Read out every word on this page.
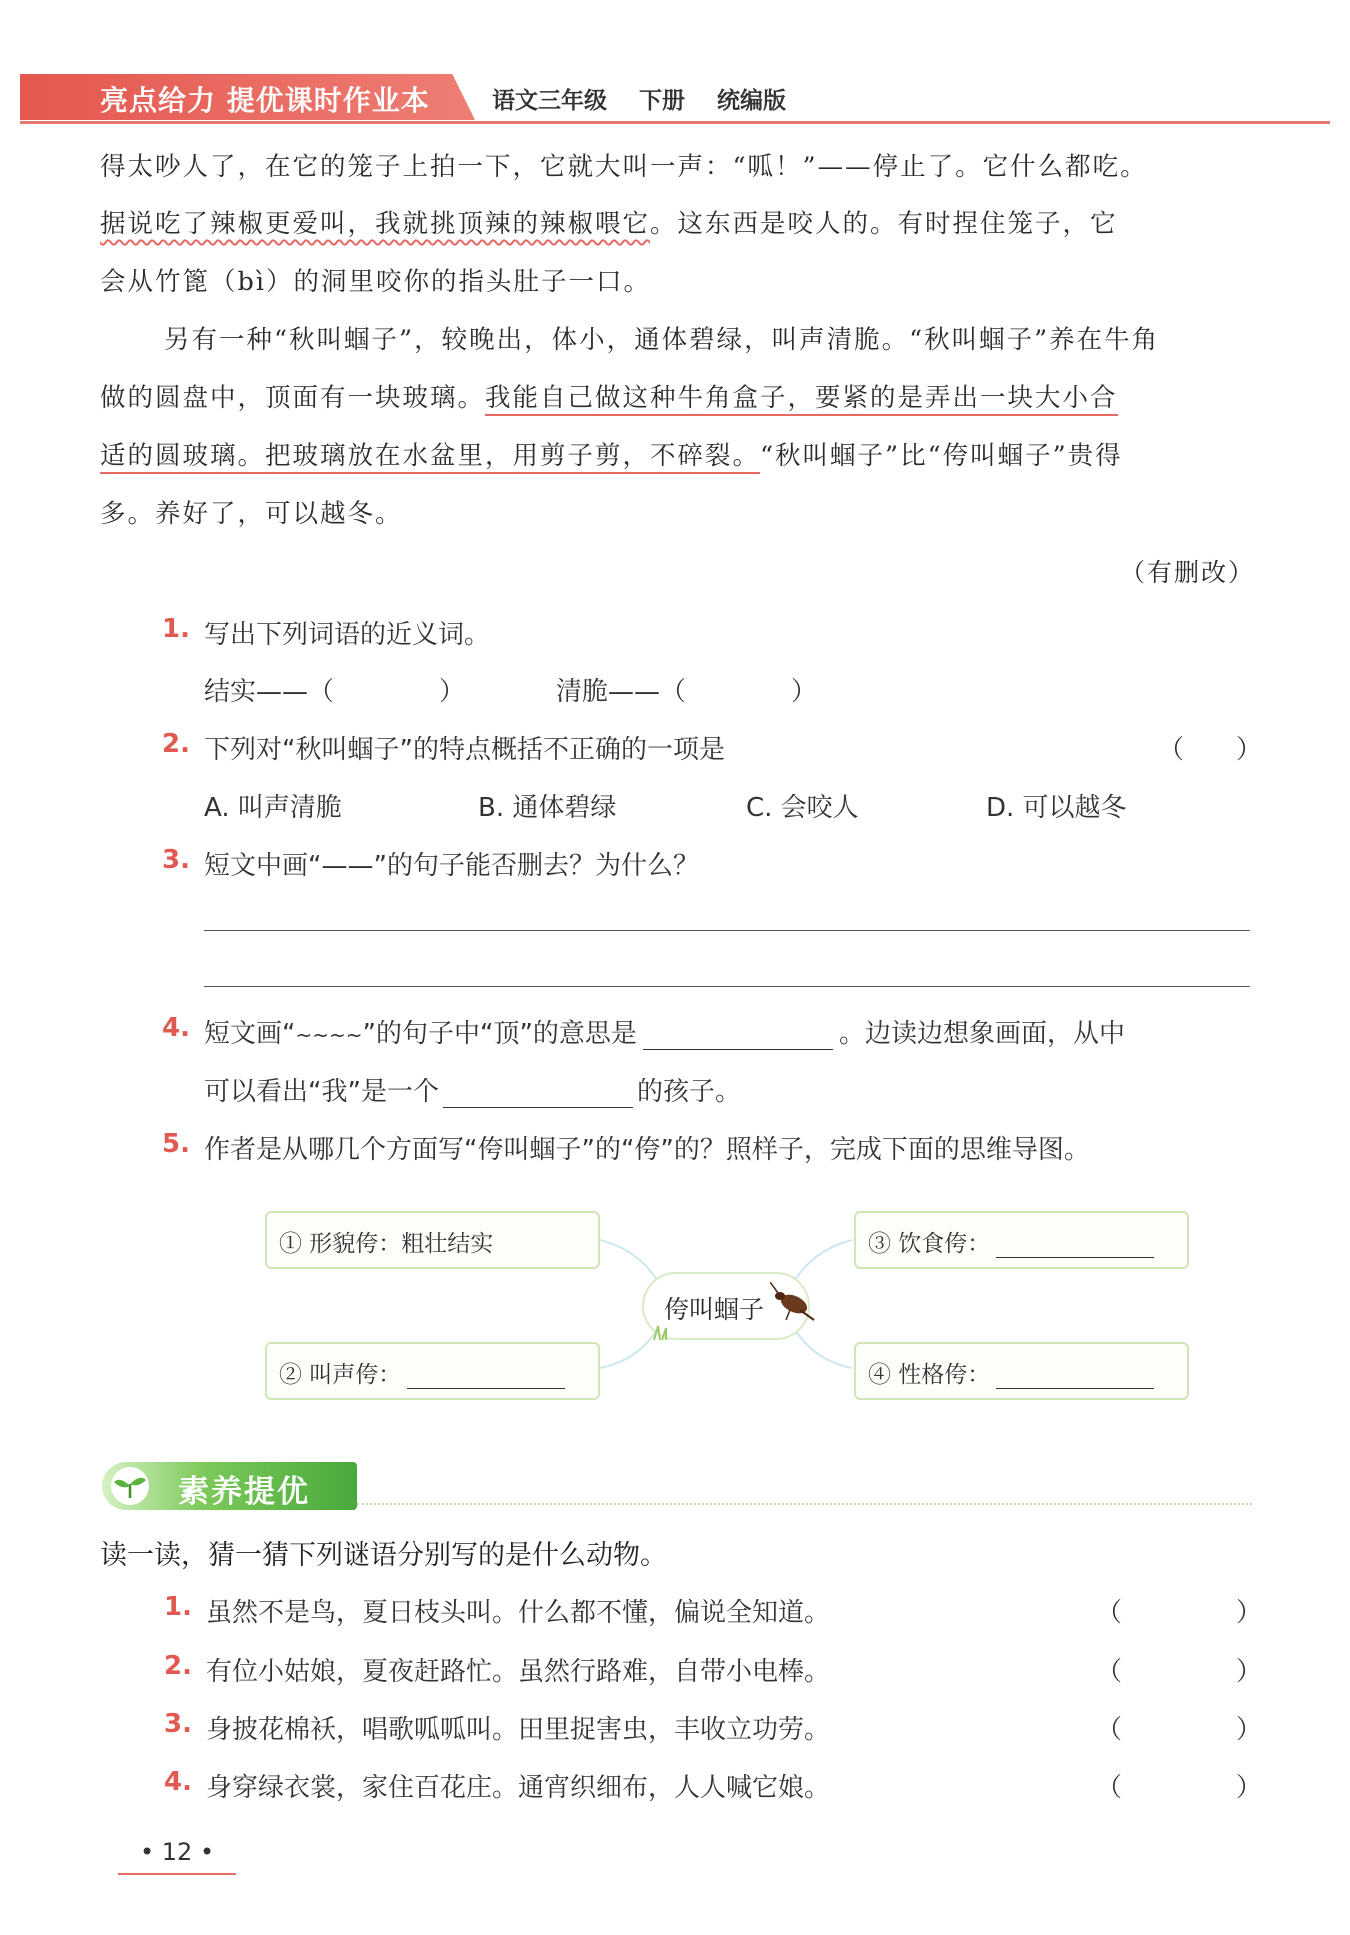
亮点给力 提优课时作业本	语文三年级 下册 统编版
得太吵人了，在它的笼子上拍一下，它就大叫一声：“呱！”——停止了。它什么都吃。
据说吃了辣椒更爱叫，我就挑顶辣的辣椒喂它。这东西是咬人的。有时捏住笼子，它
会从竹篦（bì）的洞里咬你的指头肚子一口。
另有一种“秋叫蝈子”，较晚出，体小，通体碧绿，叫声清脆。“秋叫蝈子”养在牛角
做的圆盘中，顶面有一块玻璃。我能自己做这种牛角盒子，要紧的是弄出一块大小合
适的圆玻璃。把玻璃放在水盆里，用剪子剪，不碎裂。“秋叫蝈子”比“侉叫蝈子”贵得
多。养好了，可以越冬。
（有删改）
1. 写出下列词语的近义词。
结实——（	）	清脆——（	）
2. 下列对“秋叫蝈子”的特点概括不正确的一项是	（ ）
A. 叫声清脆	B. 通体碧绿	C. 会咬人	D. 可以越冬
3. 短文中画“——”的句子能否删去？为什么？
4. 短文画“~~~~”的句子中“顶”的意思是	。边读边想象画面，从中
可以看出“我”是一个	的孩子。
5. 作者是从哪几个方面写“侉叫蝈子”的“侉”的？照样子，完成下面的思维导图。
① 形貌侉：粗壮结实
② 叫声侉：
③ 饮食侉：
④ 性格侉：
侉叫蝈子
素养提优
读一读，猜一猜下列谜语分别写的是什么动物。
1. 虽然不是鸟，夏日枝头叫。什么都不懂，偏说全知道。	（	）
2. 有位小姑娘，夏夜赶路忙。虽然行路难，自带小电棒。	（	）
3. 身披花棉袄，唱歌呱呱叫。田里捉害虫，丰收立功劳。	（	）
4. 身穿绿衣裳，家住百花庄。通宵织细布，人人喊它娘。	（	）
• 12 •
